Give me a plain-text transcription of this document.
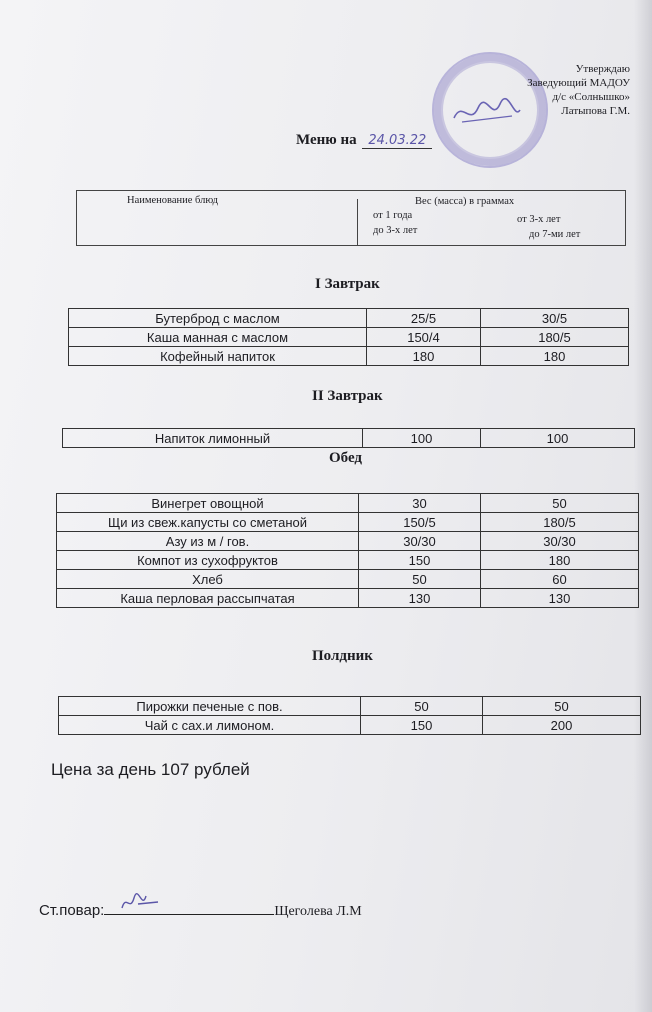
Утверждаю
Заведующий МАДОУ
д/с «Солнышко»
Латыпова Г.М.
Меню на 24.03.22
Наименование блюд	Вес (масса) в граммах
от 1 года
до 3-х лет
от 3-х лет
до 7-ми лет
I Завтрак
Бутерброд с маслом	25/5	30/5
Каша манная с маслом	150/4	180/5
Кофейный напиток	180	180
II Завтрак
Напиток лимонный	100	100
Обед
Винегрет овощной	30	50
Щи из свеж.капусты со сметаной	150/5	180/5
Азу из м / гов.	30/30	30/30
Компот из сухофруктов	150	180
Хлеб	50	60
Каша перловая рассыпчатая	130	130
Полдник
Пирожки печеные с пов.	50	50
Чай с сах.и лимоном.	150	200
Цена за день 107 рублей
Ст.повар:	Щеголева Л.М
